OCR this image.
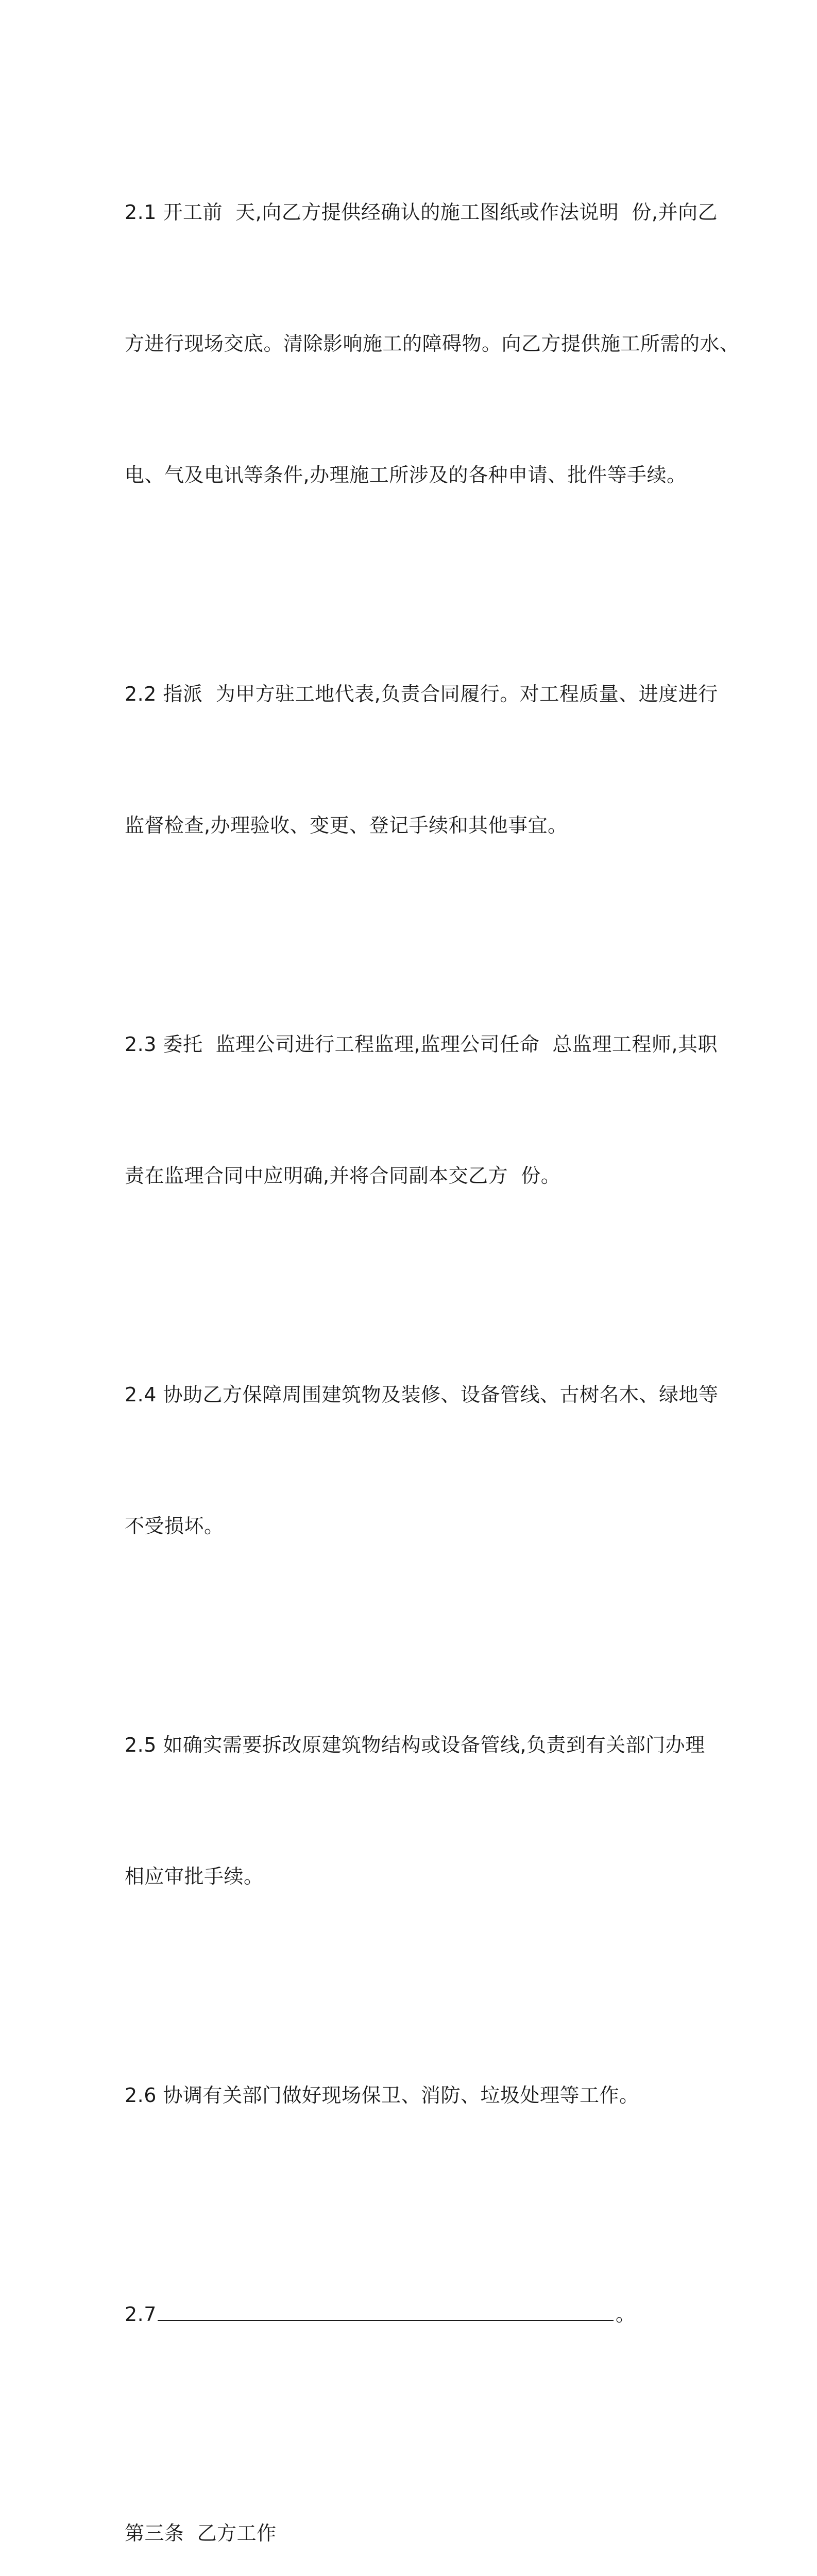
2.1 开工前  天,向乙方提供经确认的施工图纸或作法说明  份,并向乙

方进行现场交底。清除影响施工的障碍物。向乙方提供施工所需的水、

电、气及电讯等条件,办理施工所涉及的各种申请、批件等手续。

2.2 指派  为甲方驻工地代表,负责合同履行。对工程质量、进度进行

监督检查,办理验收、变更、登记手续和其他事宜。

2.3 委托  监理公司进行工程监理,监理公司任命  总监理工程师,其职

责在监理合同中应明确,并将合同副本交乙方  份。

2.4 协助乙方保障周围建筑物及装修、设备管线、古树名木、绿地等

不受损坏。

2.5 如确实需要拆改原建筑物结构或设备管线,负责到有关部门办理

相应审批手续。

2.6 协调有关部门做好现场保卫、消防、垃圾处理等工作。

2.7	。

第三条  乙方工作
